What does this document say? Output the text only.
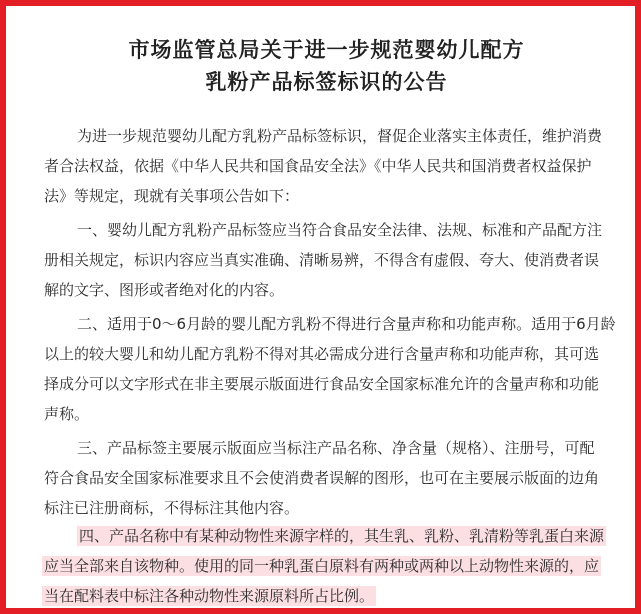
市场监管总局关于进一步规范婴幼儿配方
乳粉产品标签标识的公告
为进一步规范婴幼儿配方乳粉产品标签标识，督促企业落实主体责任，维护消费
者合法权益，依据《中华人民共和国食品安全法》《中华人民共和国消费者权益保护
法》等规定，现就有关事项公告如下：
一、婴幼儿配方乳粉产品标签应当符合食品安全法律、法规、标准和产品配方注
册相关规定，标识内容应当真实准确、清晰易辨，不得含有虚假、夸大、使消费者误
解的文字、图形或者绝对化的内容。
二、适用于0～6月龄的婴儿配方乳粉不得进行含量声称和功能声称。适用于6月龄
以上的较大婴儿和幼儿配方乳粉不得对其必需成分进行含量声称和功能声称，其可选
择成分可以文字形式在非主要展示版面进行食品安全国家标准允许的含量声称和功能
声称。
三、产品标签主要展示版面应当标注产品名称、净含量（规格）、注册号，可配
符合食品安全国家标准要求且不会使消费者误解的图形，也可在主要展示版面的边角
标注已注册商标，不得标注其他内容。
四、产品名称中有某种动物性来源字样的，其生乳、乳粉、乳清粉等乳蛋白来源
应当全部来自该物种。使用的同一种乳蛋白原料有两种或两种以上动物性来源的，应
当在配料表中标注各种动物性来源原料所占比例。
